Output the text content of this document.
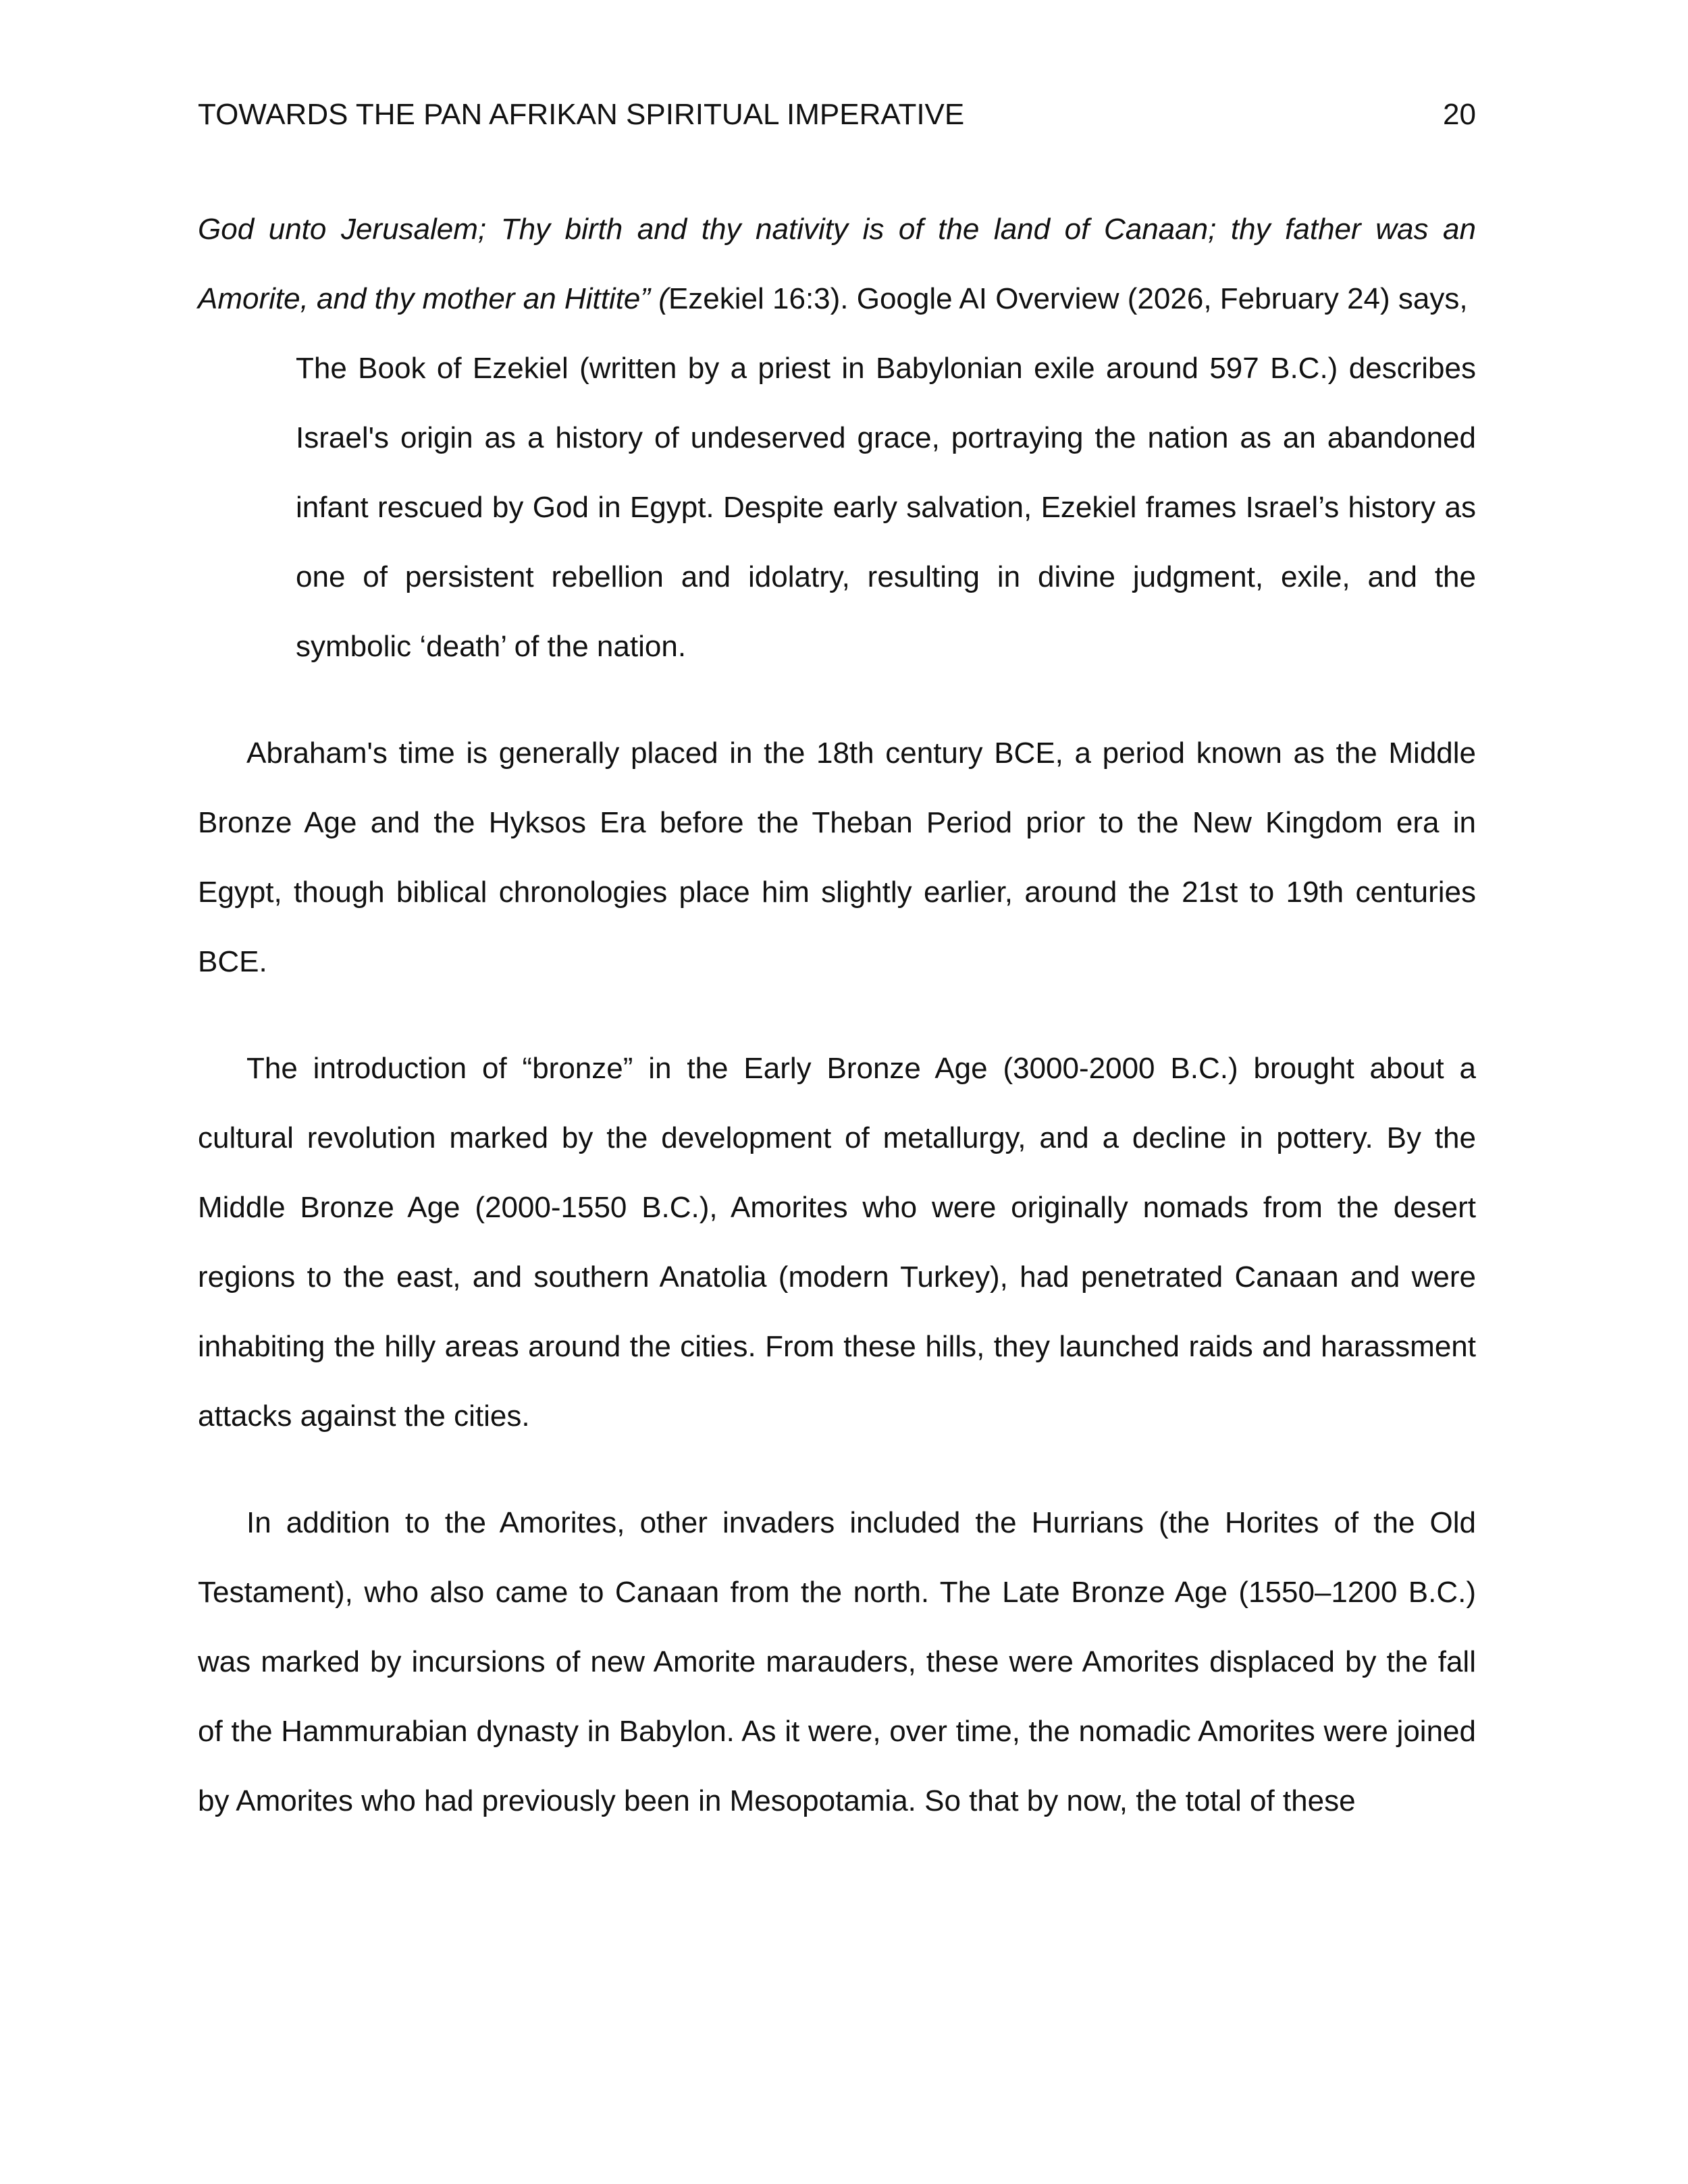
TOWARDS THE PAN AFRIKAN SPIRITUAL IMPERATIVE	20

God unto Jerusalem; Thy birth and thy nativity is of the land of Canaan; thy father was an Amorite, and thy mother an Hittite” (Ezekiel 16:3). Google AI Overview (2026, February 24) says,

The Book of Ezekiel (written by a priest in Babylonian exile around 597 B.C.) describes Israel's origin as a history of undeserved grace, portraying the nation as an abandoned infant rescued by God in Egypt. Despite early salvation, Ezekiel frames Israel’s history as one of persistent rebellion and idolatry, resulting in divine judgment, exile, and the symbolic ‘death’ of the nation.

Abraham's time is generally placed in the 18th century BCE, a period known as the Middle Bronze Age and the Hyksos Era before the Theban Period prior to the New Kingdom era in Egypt, though biblical chronologies place him slightly earlier, around the 21st to 19th centuries BCE.

The introduction of “bronze” in the Early Bronze Age (3000-2000 B.C.) brought about a cultural revolution marked by the development of metallurgy, and a decline in pottery. By the Middle Bronze Age (2000-1550 B.C.), Amorites who were originally nomads from the desert regions to the east, and southern Anatolia (modern Turkey), had penetrated Canaan and were inhabiting the hilly areas around the cities. From these hills, they launched raids and harassment attacks against the cities.

In addition to the Amorites, other invaders included the Hurrians (the Horites of the Old Testament), who also came to Canaan from the north. The Late Bronze Age (1550–1200 B.C.) was marked by incursions of new Amorite marauders, these were Amorites displaced by the fall of the Hammurabian dynasty in Babylon. As it were, over time, the nomadic Amorites were joined by Amorites who had previously been in Mesopotamia. So that by now, the total of these
